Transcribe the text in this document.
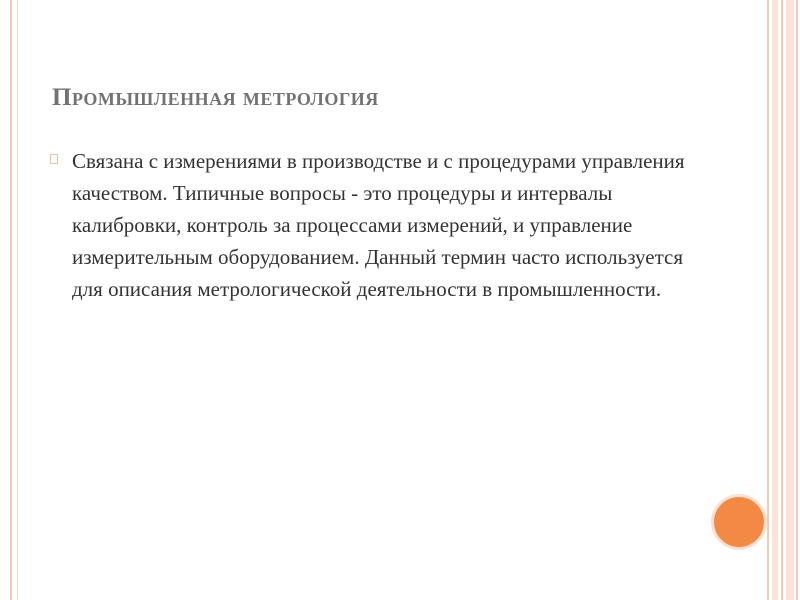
Промышленная метрология
Связана с измерениями в производстве и с процедурами управления качеством. Типичные вопросы - это процедуры и интервалы калибровки, контроль за процессами измерений, и управление измерительным оборудованием. Данный термин часто используется для описания метрологической деятельности в промышленности.
